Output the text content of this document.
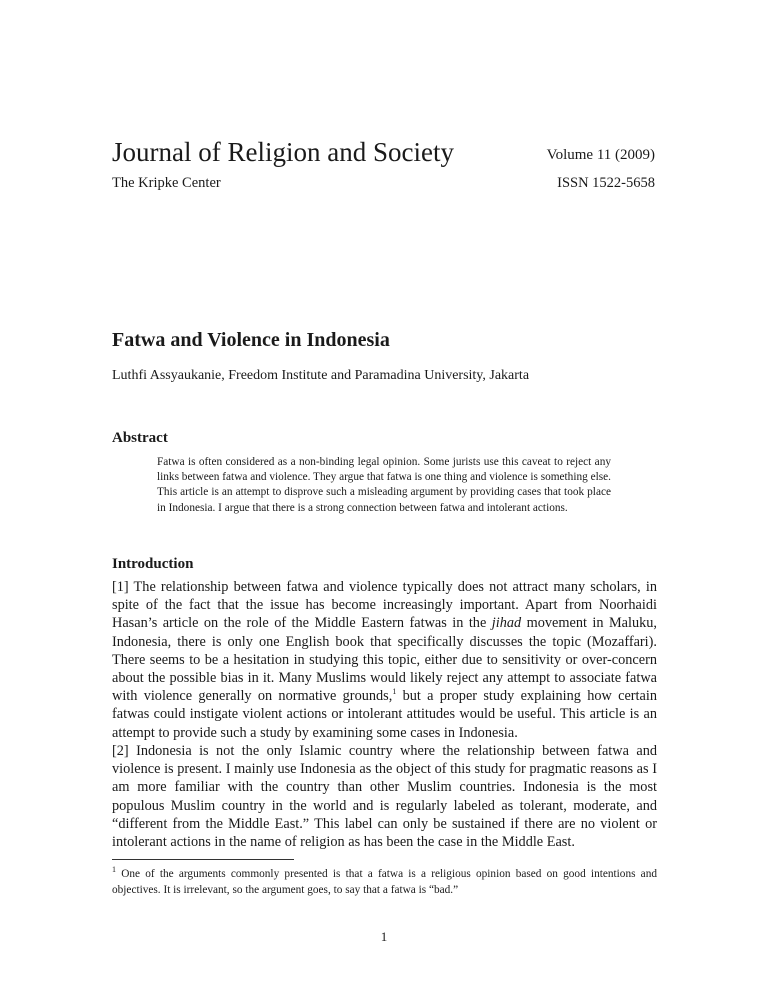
Journal of Religion and Society	Volume 11 (2009)
The Kripke Center	ISSN 1522-5658
Fatwa and Violence in Indonesia
Luthfi Assyaukanie, Freedom Institute and Paramadina University, Jakarta
Abstract
Fatwa is often considered as a non-binding legal opinion. Some jurists use this caveat to reject any links between fatwa and violence. They argue that fatwa is one thing and violence is something else. This article is an attempt to disprove such a misleading argument by providing cases that took place in Indonesia. I argue that there is a strong connection between fatwa and intolerant actions.
Introduction
[1] The relationship between fatwa and violence typically does not attract many scholars, in spite of the fact that the issue has become increasingly important. Apart from Noorhaidi Hasan’s article on the role of the Middle Eastern fatwas in the jihad movement in Maluku, Indonesia, there is only one English book that specifically discusses the topic (Mozaffari). There seems to be a hesitation in studying this topic, either due to sensitivity or over-concern about the possible bias in it. Many Muslims would likely reject any attempt to associate fatwa with violence generally on normative grounds,$^1$ but a proper study explaining how certain fatwas could instigate violent actions or intolerant attitudes would be useful. This article is an attempt to provide such a study by examining some cases in Indonesia.
[2] Indonesia is not the only Islamic country where the relationship between fatwa and violence is present. I mainly use Indonesia as the object of this study for pragmatic reasons as I am more familiar with the country than other Muslim countries. Indonesia is the most populous Muslim country in the world and is regularly labeled as tolerant, moderate, and “different from the Middle East.” This label can only be sustained if there are no violent or intolerant actions in the name of religion as has been the case in the Middle East.
$^1$ One of the arguments commonly presented is that a fatwa is a religious opinion based on good intentions and objectives. It is irrelevant, so the argument goes, to say that a fatwa is “bad.”
1
